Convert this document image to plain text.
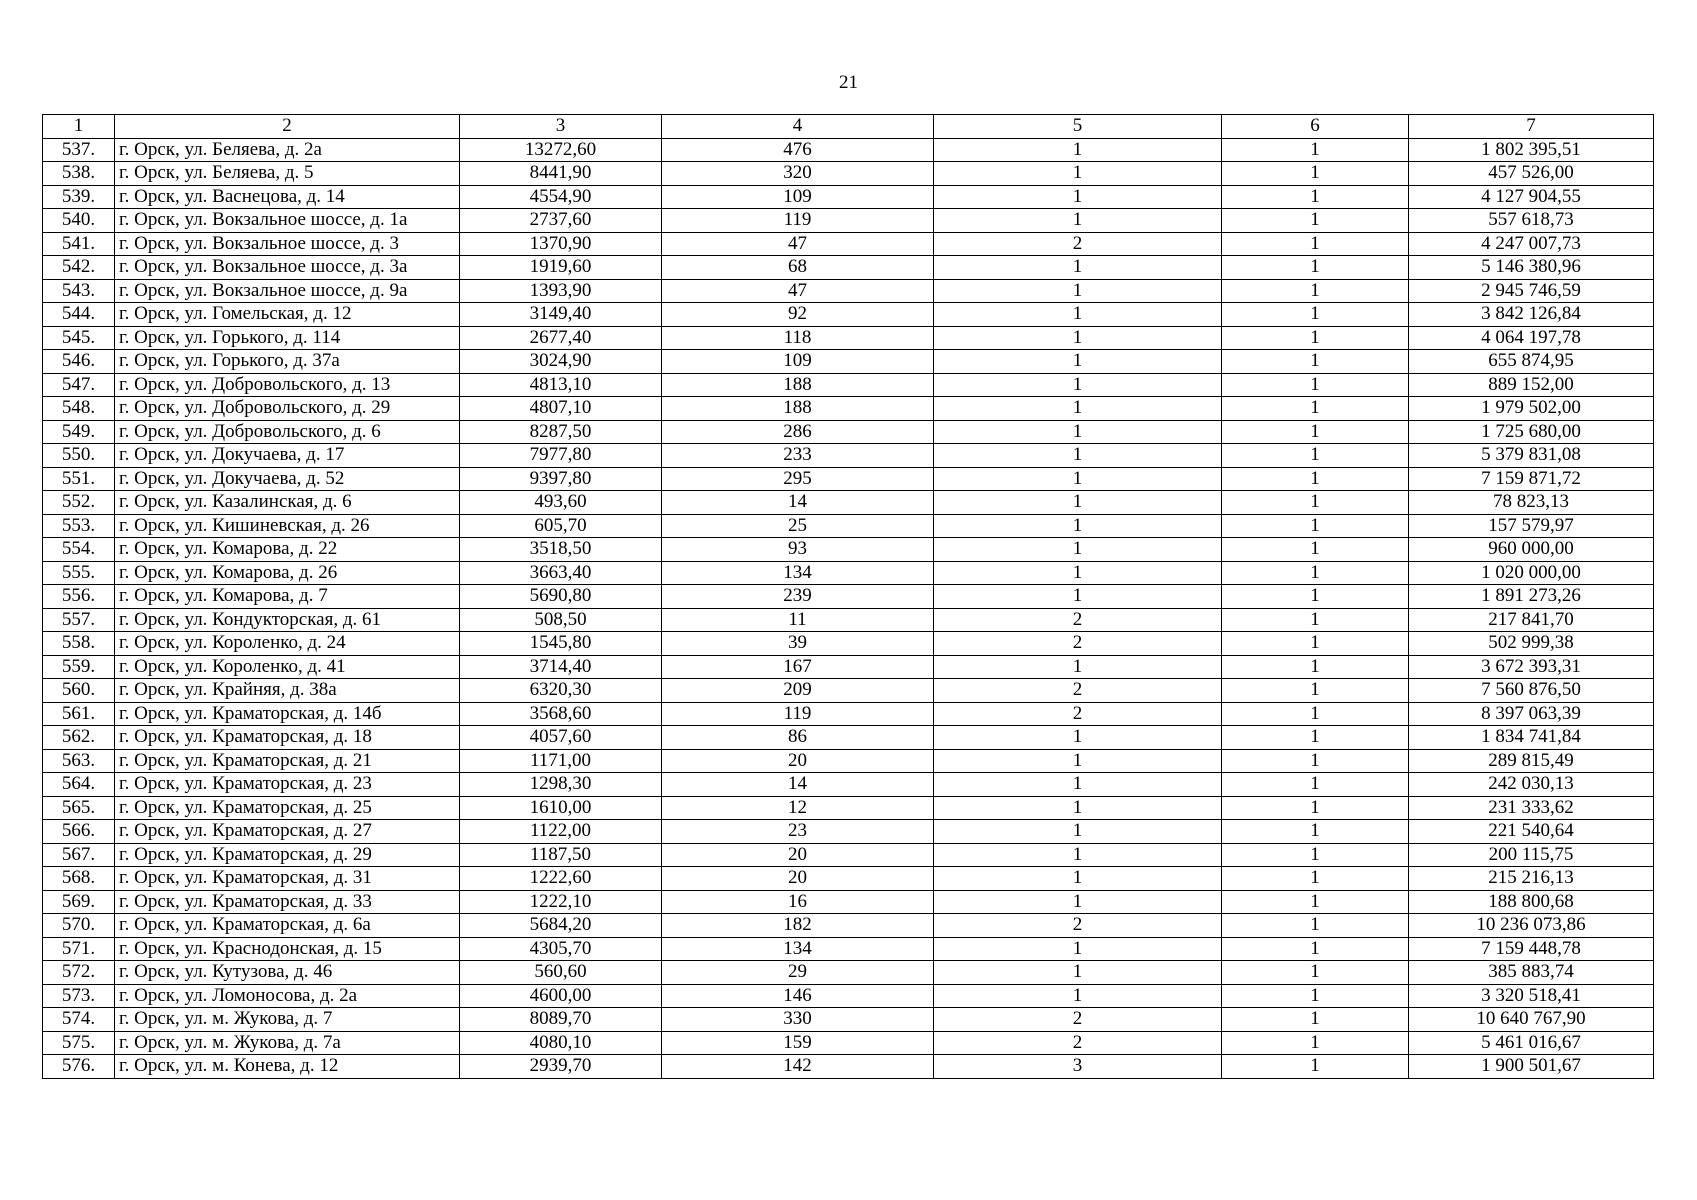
21
1	2	3	4	5	6	7
537.	г. Орск, ул. Беляева, д. 2а	13272,60	476	1	1	1 802 395,51
538.	г. Орск, ул. Беляева, д. 5	8441,90	320	1	1	457 526,00
539.	г. Орск, ул. Васнецова, д. 14	4554,90	109	1	1	4 127 904,55
540.	г. Орск, ул. Вокзальное шоссе, д. 1а	2737,60	119	1	1	557 618,73
541.	г. Орск, ул. Вокзальное шоссе, д. 3	1370,90	47	2	1	4 247 007,73
542.	г. Орск, ул. Вокзальное шоссе, д. 3а	1919,60	68	1	1	5 146 380,96
543.	г. Орск, ул. Вокзальное шоссе, д. 9а	1393,90	47	1	1	2 945 746,59
544.	г. Орск, ул. Гомельская, д. 12	3149,40	92	1	1	3 842 126,84
545.	г. Орск, ул. Горького, д. 114	2677,40	118	1	1	4 064 197,78
546.	г. Орск, ул. Горького, д. 37а	3024,90	109	1	1	655 874,95
547.	г. Орск, ул. Добровольского, д. 13	4813,10	188	1	1	889 152,00
548.	г. Орск, ул. Добровольского, д. 29	4807,10	188	1	1	1 979 502,00
549.	г. Орск, ул. Добровольского, д. 6	8287,50	286	1	1	1 725 680,00
550.	г. Орск, ул. Докучаева, д. 17	7977,80	233	1	1	5 379 831,08
551.	г. Орск, ул. Докучаева, д. 52	9397,80	295	1	1	7 159 871,72
552.	г. Орск, ул. Казалинская, д. 6	493,60	14	1	1	78 823,13
553.	г. Орск, ул. Кишиневская, д. 26	605,70	25	1	1	157 579,97
554.	г. Орск, ул. Комарова, д. 22	3518,50	93	1	1	960 000,00
555.	г. Орск, ул. Комарова, д. 26	3663,40	134	1	1	1 020 000,00
556.	г. Орск, ул. Комарова, д. 7	5690,80	239	1	1	1 891 273,26
557.	г. Орск, ул. Кондукторская, д. 61	508,50	11	2	1	217 841,70
558.	г. Орск, ул. Короленко, д. 24	1545,80	39	2	1	502 999,38
559.	г. Орск, ул. Короленко, д. 41	3714,40	167	1	1	3 672 393,31
560.	г. Орск, ул. Крайняя, д. 38а	6320,30	209	2	1	7 560 876,50
561.	г. Орск, ул. Краматорская, д. 14б	3568,60	119	2	1	8 397 063,39
562.	г. Орск, ул. Краматорская, д. 18	4057,60	86	1	1	1 834 741,84
563.	г. Орск, ул. Краматорская, д. 21	1171,00	20	1	1	289 815,49
564.	г. Орск, ул. Краматорская, д. 23	1298,30	14	1	1	242 030,13
565.	г. Орск, ул. Краматорская, д. 25	1610,00	12	1	1	231 333,62
566.	г. Орск, ул. Краматорская, д. 27	1122,00	23	1	1	221 540,64
567.	г. Орск, ул. Краматорская, д. 29	1187,50	20	1	1	200 115,75
568.	г. Орск, ул. Краматорская, д. 31	1222,60	20	1	1	215 216,13
569.	г. Орск, ул. Краматорская, д. 33	1222,10	16	1	1	188 800,68
570.	г. Орск, ул. Краматорская, д. 6а	5684,20	182	2	1	10 236 073,86
571.	г. Орск, ул. Краснодонская, д. 15	4305,70	134	1	1	7 159 448,78
572.	г. Орск, ул. Кутузова, д. 46	560,60	29	1	1	385 883,74
573.	г. Орск, ул. Ломоносова, д. 2а	4600,00	146	1	1	3 320 518,41
574.	г. Орск, ул. м. Жукова, д. 7	8089,70	330	2	1	10 640 767,90
575.	г. Орск, ул. м. Жукова, д. 7а	4080,10	159	2	1	5 461 016,67
576.	г. Орск, ул. м. Конева, д. 12	2939,70	142	3	1	1 900 501,67
